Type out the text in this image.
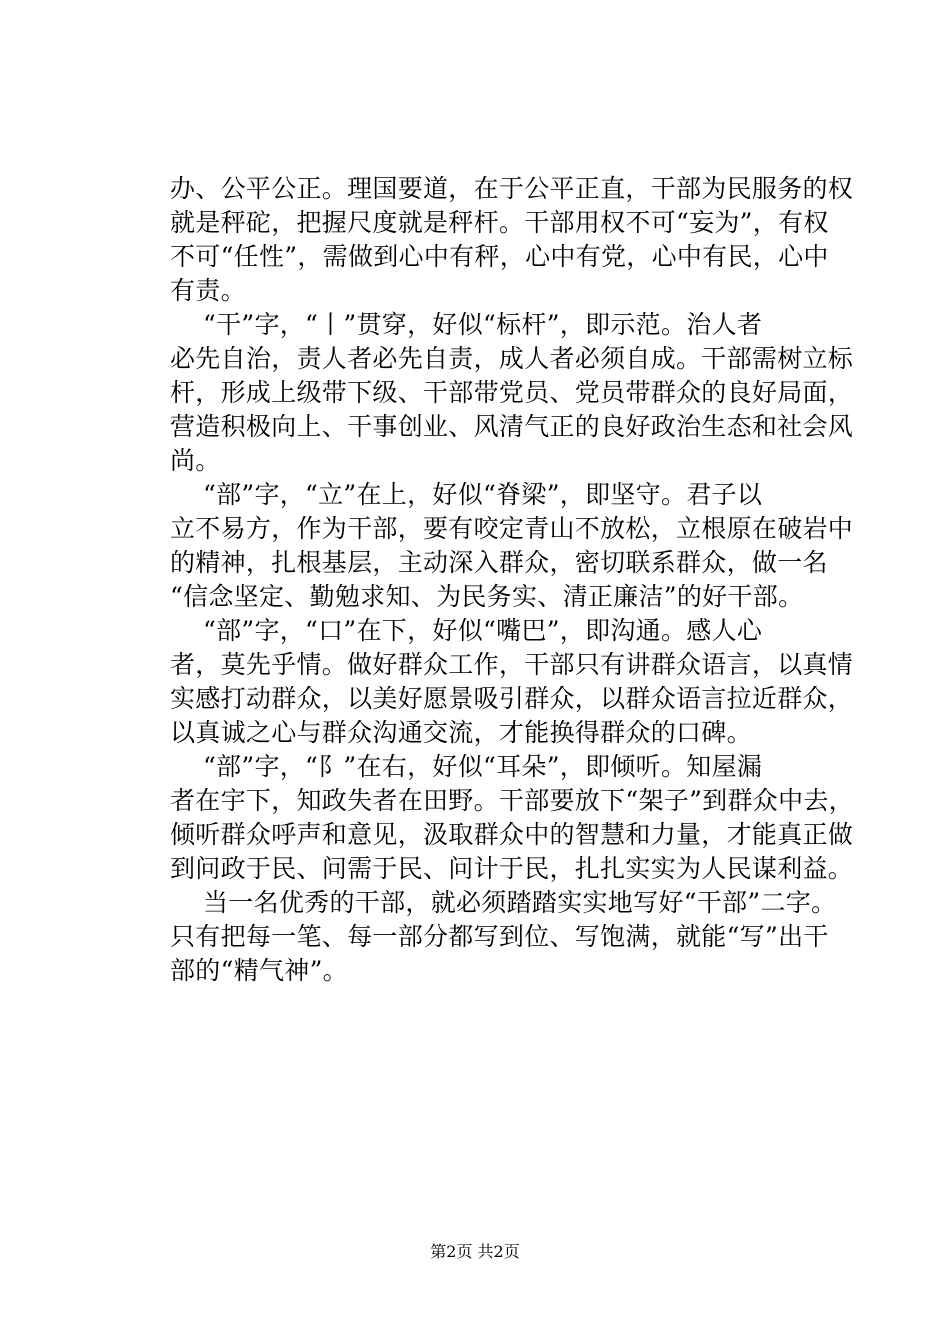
办、公平公正。理国要道，在于公平正直，干部为民服务的权
就是秤砣，把握尺度就是秤杆。干部用权不可“妄为”，有权
不可“任性”，需做到心中有秤，心中有党，心中有民，心中
有责。
“干”字，“丨”贯穿，好似“标杆”，即示范。治人者
必先自治，责人者必先自责，成人者必须自成。干部需树立标
杆，形成上级带下级、干部带党员、党员带群众的良好局面，
营造积极向上、干事创业、风清气正的良好政治生态和社会风
尚。
“部”字，“立”在上，好似“脊梁”，即坚守。君子以
立不易方，作为干部，要有咬定青山不放松，立根原在破岩中
的精神，扎根基层，主动深入群众，密切联系群众，做一名
“信念坚定、勤勉求知、为民务实、清正廉洁”的好干部。
“部”字，“口”在下，好似“嘴巴”，即沟通。感人心
者，莫先乎情。做好群众工作，干部只有讲群众语言，以真情
实感打动群众，以美好愿景吸引群众，以群众语言拉近群众，
以真诚之心与群众沟通交流，才能换得群众的口碑。
“部”字，“阝”在右，好似“耳朵”，即倾听。知屋漏
者在宇下，知政失者在田野。干部要放下“架子”到群众中去，
倾听群众呼声和意见，汲取群众中的智慧和力量，才能真正做
到问政于民、问需于民、问计于民，扎扎实实为人民谋利益。
当一名优秀的干部，就必须踏踏实实地写好“干部”二字。
只有把每一笔、每一部分都写到位、写饱满，就能“写”出干
部的“精气神”。
第2页 共2页
